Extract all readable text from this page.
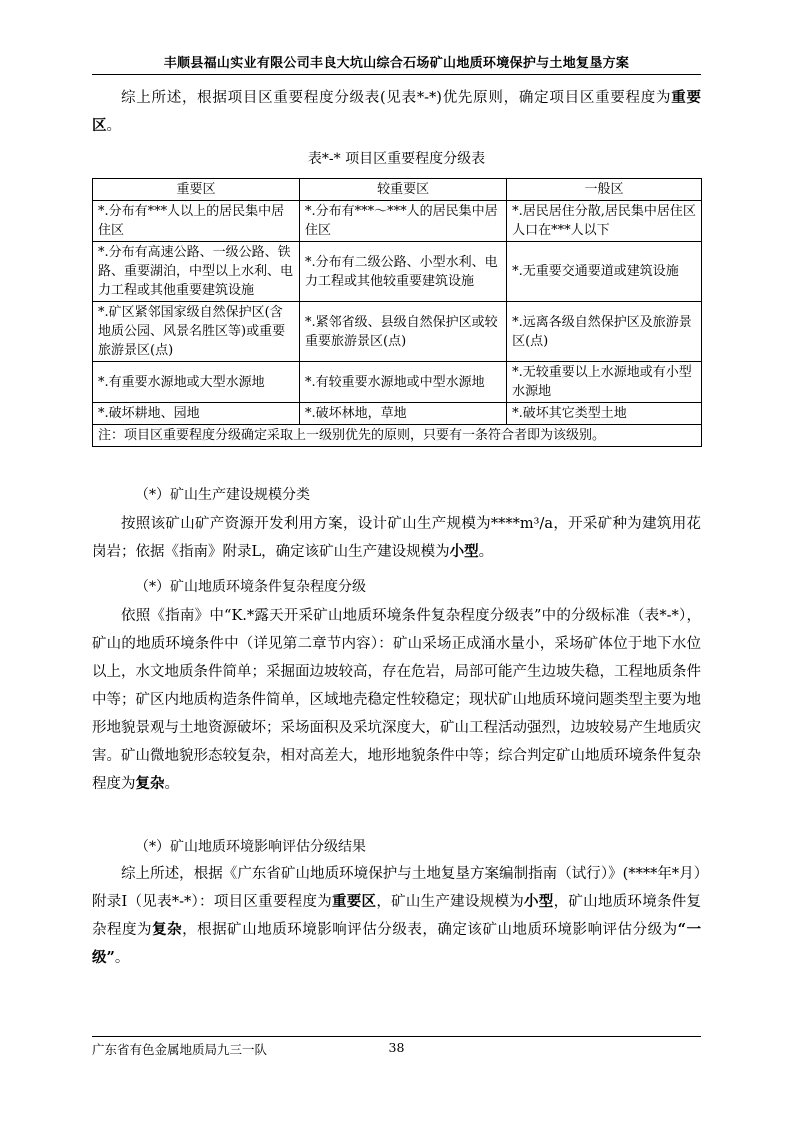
丰顺县福山实业有限公司丰良大坑山综合石场矿山地质环境保护与土地复垦方案
综上所述，根据项目区重要程度分级表(见表*-*)优先原则，确定项目区重要程度为重要区。
表*-* 项目区重要程度分级表
重要区	较重要区	一般区
*.分布有***人以上的居民集中居住区	*.分布有***～***人的居民集中居住区	*.居民居住分散,居民集中居住区人口在***人以下
*.分布有高速公路、一级公路、铁路、重要湖泊，中型以上水利、电力工程或其他重要建筑设施	*.分布有二级公路、小型水利、电力工程或其他较重要建筑设施	*.无重要交通要道或建筑设施
*.矿区紧邻国家级自然保护区(含地质公园、风景名胜区等)或重要旅游景区(点)	*.紧邻省级、县级自然保护区或较重要旅游景区(点)	*.远离各级自然保护区及旅游景区(点)
*.有重要水源地或大型水源地	*.有较重要水源地或中型水源地	*.无较重要以上水源地或有小型水源地
*.破坏耕地、园地	*.破坏林地，草地	*.破坏其它类型土地
注：项目区重要程度分级确定采取上一级别优先的原则，只要有一条符合者即为该级别。		
（*）矿山生产建设规模分类
按照该矿山矿产资源开发利用方案，设计矿山生产规模为****m³/a，开采矿种为建筑用花岗岩；依据《指南》附录L，确定该矿山生产建设规模为小型。
（*）矿山地质环境条件复杂程度分级
依照《指南》中“K.*露天开采矿山地质环境条件复杂程度分级表”中的分级标准（表*-*），矿山的地质环境条件中（详见第二章节内容）：矿山采场正成涌水量小，采场矿体位于地下水位以上，水文地质条件简单；采掘面边坡较高，存在危岩，局部可能产生边坡失稳，工程地质条件中等；矿区内地质构造条件简单，区域地壳稳定性较稳定；现状矿山地质环境问题类型主要为地形地貌景观与土地资源破坏；采场面积及采坑深度大，矿山工程活动强烈，边坡较易产生地质灾害。矿山微地貌形态较复杂，相对高差大，地形地貌条件中等；综合判定矿山地质环境条件复杂程度为复杂。
（*）矿山地质环境影响评估分级结果
综上所述，根据《广东省矿山地质环境保护与土地复垦方案编制指南（试行）》(****年*月）附录I（见表*-*）：项目区重要程度为重要区，矿山生产建设规模为小型，矿山地质环境条件复杂程度为复杂，根据矿山地质环境影响评估分级表，确定该矿山地质环境影响评估分级为“一级”。
广东省有色金属地质局九三一队	38
